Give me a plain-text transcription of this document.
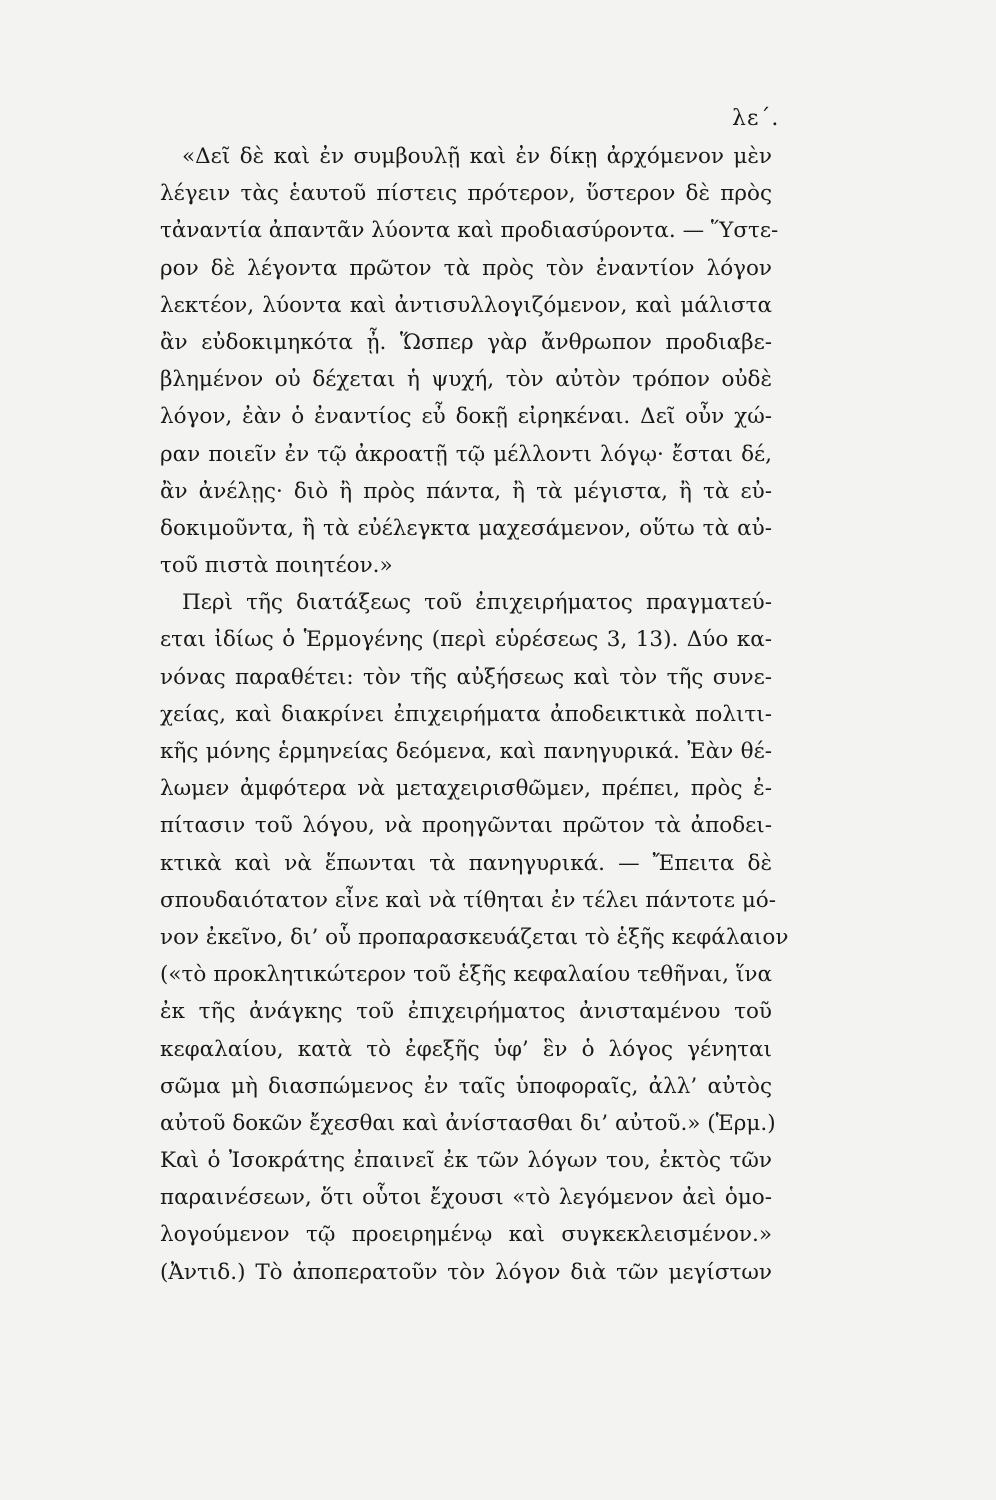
λε΄.
«Δεῖ δὲ καὶ ἐν συμβουλῇ καὶ ἐν δίκῃ ἀρχόμενον μὲν
λέγειν τὰς ἑαυτοῦ πίστεις πρότερον, ὕστερον δὲ πρὸς
τἀναντία ἀπαντᾶν λύοντα καὶ προδιασύροντα. — Ὕστε-
ρον δὲ λέγοντα πρῶτον τὰ πρὸς τὸν ἐναντίον λόγον
λεκτέον, λύοντα καὶ ἀντισυλλογιζόμενον, καὶ μάλιστα
ἂν εὐδοκιμηκότα ᾖ. Ὥσπερ γὰρ ἄνθρωπον προδιαβε-
βλημένον οὐ δέχεται ἡ ψυχή, τὸν αὐτὸν τρόπον οὐδὲ
λόγον, ἐὰν ὁ ἐναντίος εὖ δοκῇ εἰρηκέναι. Δεῖ οὖν χώ-
ραν ποιεῖν ἐν τῷ ἀκροατῇ τῷ μέλλοντι λόγῳ· ἔσται δέ,
ἂν ἀνέλῃς· διὸ ἢ πρὸς πάντα, ἢ τὰ μέγιστα, ἢ τὰ εὐ-
δοκιμοῦντα, ἢ τὰ εὐέλεγκτα μαχεσάμενον, οὕτω τὰ αὐ-
τοῦ πιστὰ ποιητέον.»
Περὶ τῆς διατάξεως τοῦ ἐπιχειρήματος πραγματεύ-
εται ἰδίως ὁ Ἑρμογένης (περὶ εὑρέσεως 3, 13). Δύο κα-
νόνας παραθέτει: τὸν τῆς αὐξήσεως καὶ τὸν τῆς συνε-
χείας, καὶ διακρίνει ἐπιχειρήματα ἀποδεικτικὰ πολιτι-
κῆς μόνης ἑρμηνείας δεόμενα, καὶ πανηγυρικά. Ἐὰν θέ-
λωμεν ἀμφότερα νὰ μεταχειρισθῶμεν, πρέπει, πρὸς ἐ-
πίτασιν τοῦ λόγου, νὰ προηγῶνται πρῶτον τὰ ἀποδει-
κτικὰ καὶ νὰ ἕπωνται τὰ πανηγυρικά. — Ἔπειτα δὲ
σπουδαιότατον εἶνε καὶ νὰ τίθηται ἐν τέλει πάντοτε μό-
νον ἐκεῖνο, δι’ οὗ προπαρασκευάζεται τὸ ἑξῆς κεφάλαιον
(«τὸ προκλητικώτερον τοῦ ἑξῆς κεφαλαίου τεθῆναι, ἵνα
ἐκ τῆς ἀνάγκης τοῦ ἐπιχειρήματος ἀνισταμένου τοῦ
κεφαλαίου, κατὰ τὸ ἐφεξῆς ὑφ’ ἓν ὁ λόγος γένηται
σῶμα μὴ διασπώμενος ἐν ταῖς ὑποφοραῖς, ἀλλ’ αὐτὸς
αὐτοῦ δοκῶν ἔχεσθαι καὶ ἀνίστασθαι δι’ αὐτοῦ.» (Ἑρμ.)
Καὶ ὁ Ἰσοκράτης ἐπαινεῖ ἐκ τῶν λόγων του, ἐκτὸς τῶν
παραινέσεων, ὅτι οὗτοι ἔχουσι «τὸ λεγόμενον ἀεὶ ὁμο-
λογούμενον τῷ προειρημένῳ καὶ συγκεκλεισμένον.»
(Ἀντιδ.) Τὸ ἀποπερατοῦν τὸν λόγον διὰ τῶν μεγίστων
